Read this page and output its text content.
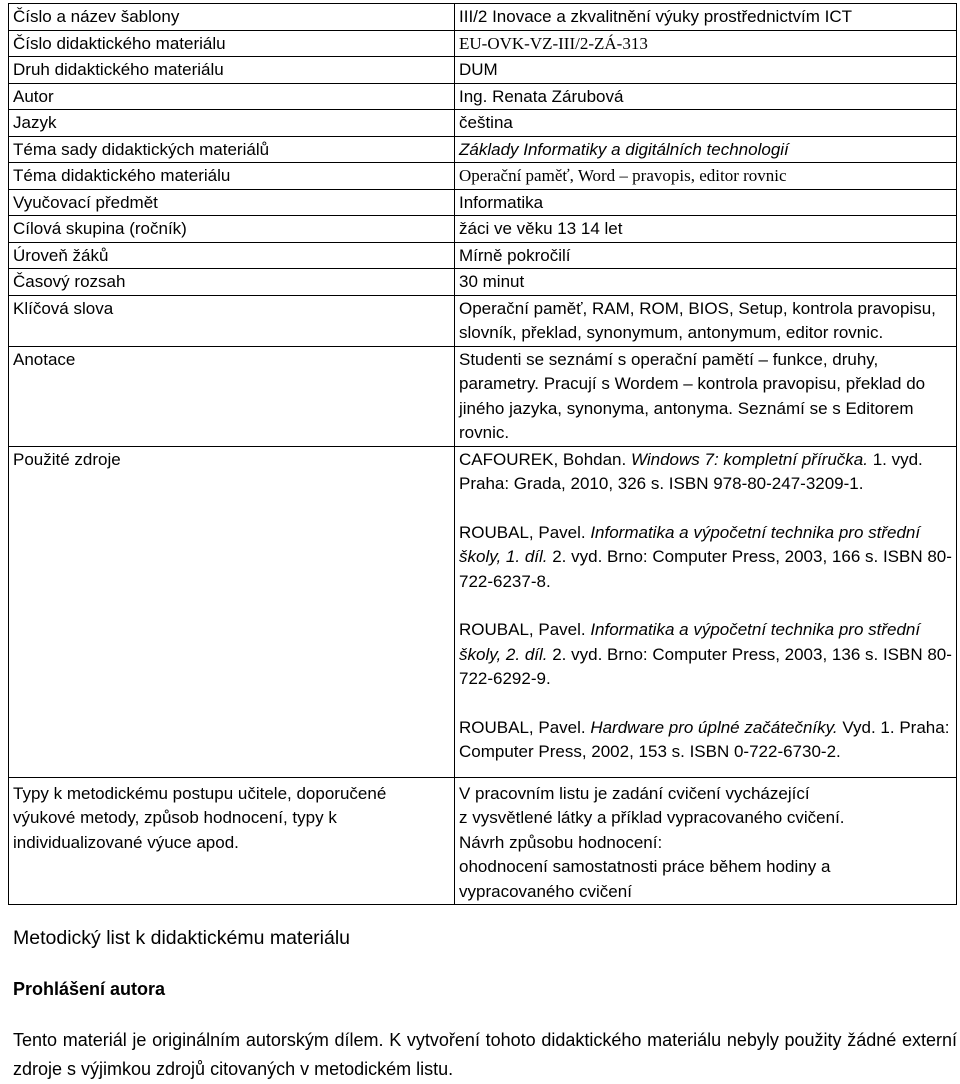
Číslo a název šablony	III/2 Inovace a zkvalitnění výuky prostřednictvím ICT
Číslo didaktického materiálu	EU-OVK-VZ-III/2-ZÁ-313
Druh didaktického materiálu	DUM
Autor	Ing. Renata Zárubová
Jazyk	čeština
Téma sady didaktických materiálů	Základy Informatiky a digitálních technologií
Téma didaktického materiálu	Operační paměť, Word – pravopis, editor rovnic
Vyučovací předmět	Informatika
Cílová skupina (ročník)	žáci ve věku 13 14 let
Úroveň žáků	Mírně pokročilí
Časový rozsah	30 minut
Klíčová slova	Operační paměť, RAM, ROM, BIOS, Setup, kontrola pravopisu, slovník, překlad, synonymum, antonymum, editor rovnic.
Anotace	Studenti se seznámí s operační pamětí – funkce, druhy, parametry. Pracují s Wordem – kontrola pravopisu, překlad do jiného jazyka, synonyma, antonyma. Seznámí se s Editorem rovnic.
Použité zdroje	CAFOUREK, Bohdan. Windows 7: kompletní příručka. 1. vyd. Praha: Grada, 2010, 326 s. ISBN 978-80-247-3209-1.
ROUBAL, Pavel. Informatika a výpočetní technika pro střední školy, 1. díl. 2. vyd. Brno: Computer Press, 2003, 166 s. ISBN 80-722-6237-8.
ROUBAL, Pavel. Informatika a výpočetní technika pro střední školy, 2. díl. 2. vyd. Brno: Computer Press, 2003, 136 s. ISBN 80-722-6292-9.
ROUBAL, Pavel. Hardware pro úplné začátečníky. Vyd. 1. Praha: Computer Press, 2002, 153 s. ISBN 0-722-6730-2.

Typy k metodickému postupu učitele, doporučené výukové metody, způsob hodnocení, typy k individualizované výuce apod.	V pracovním listu je zadání cvičení vycházející
z vysvětlené látky a příklad vypracovaného cvičení.
Návrh způsobu hodnocení:
ohodnocení samostatnosti práce během hodiny a
vypracovaného cvičení
Metodický list k didaktickému materiálu
Prohlášení autora

Tento materiál je originálním autorským dílem. K vytvoření tohoto didaktického materiálu nebyly použity žádné externí zdroje s výjimkou zdrojů citovaných v metodickém listu.
